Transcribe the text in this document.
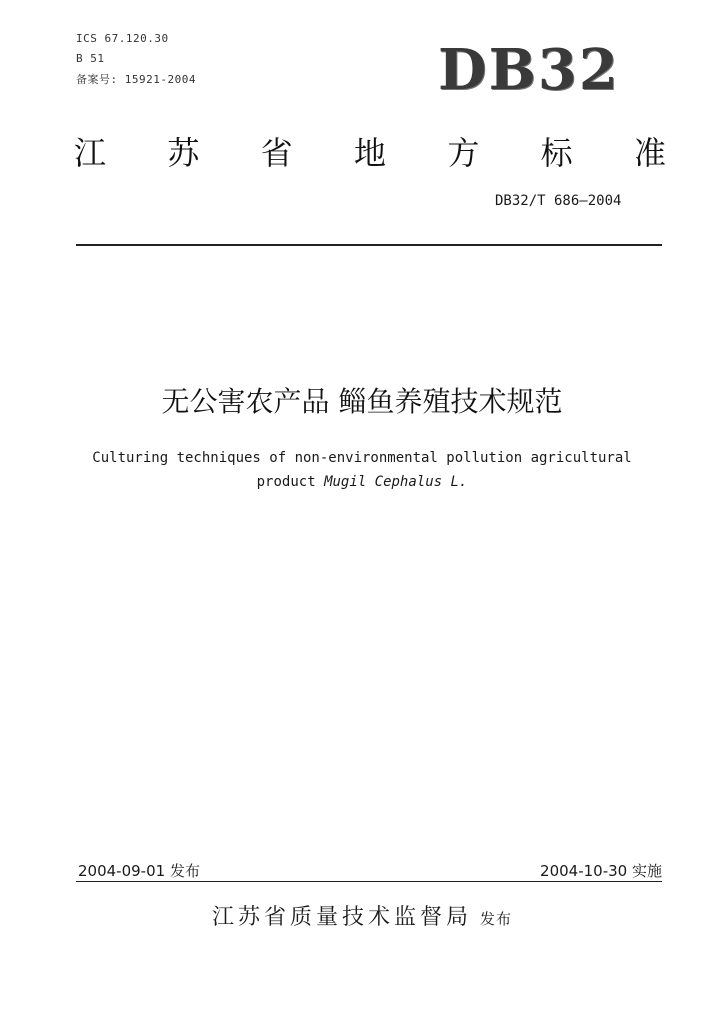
ICS 67.120.30
B 51
备案号: 15921-2004	DB32
江 苏 省 地 方 标 准
DB32/T 686—2004
无公害农产品 鲻鱼养殖技术规范
Culturing techniques of non-environmental pollution agricultural
product Mugil Cephalus L.
2004-09-01 发布	2004-10-30 实施
江苏省质量技术监督局 发布
